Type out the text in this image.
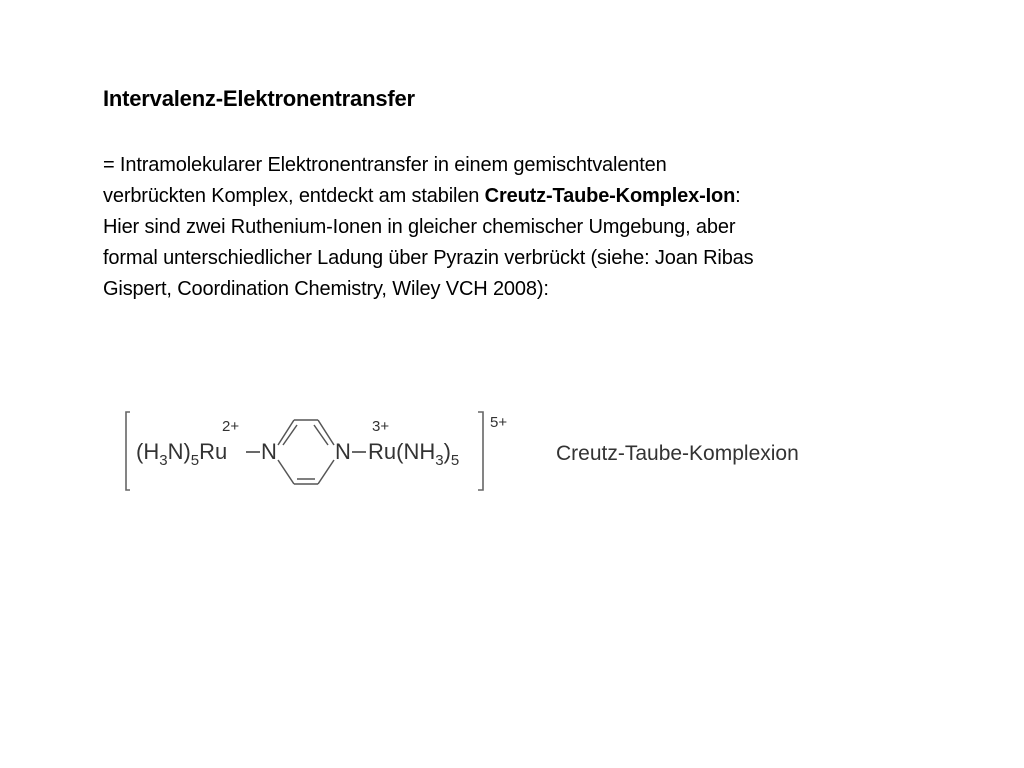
Intervalenz-Elektronentransfer
= Intramolekularer Elektronentransfer in einem gemischtvalenten
verbrückten Komplex, entdeckt am stabilen Creutz-Taube-Komplex-Ion:
Hier sind zwei Ruthenium-Ionen in gleicher chemischer Umgebung, aber
formal unterschiedlicher Ladung über Pyrazin verbrückt (siehe: Joan Ribas
Gispert, Coordination Chemistry, Wiley VCH 2008):
$(H_3N)_5Ru$
2+
N	N $Ru(NH_3)_5$
3+	5+
Creutz-Taube-Komplexion
